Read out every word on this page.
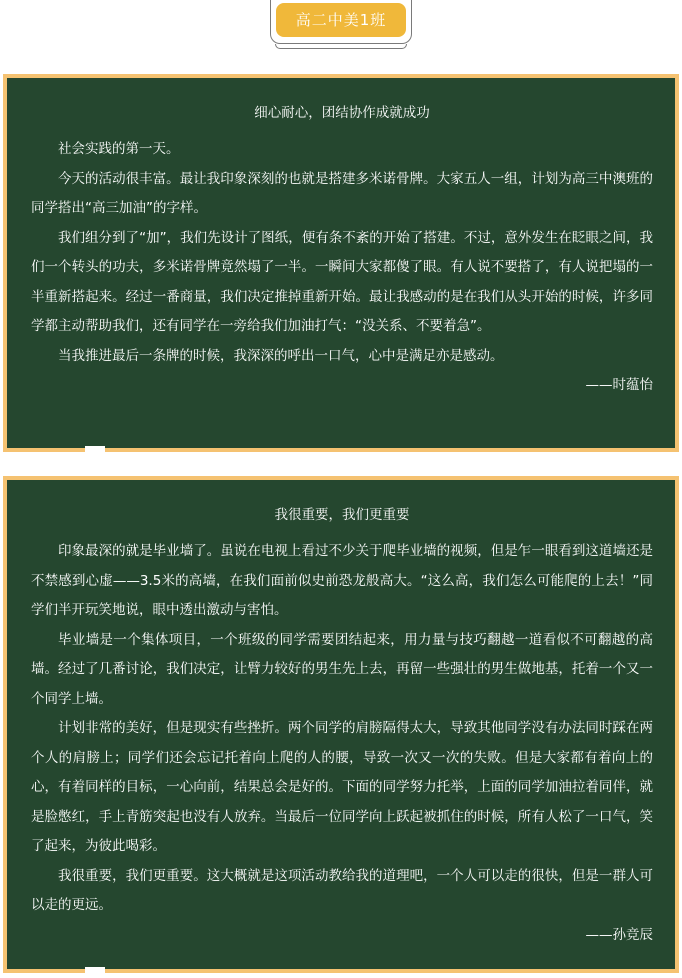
高二中美1班
细心耐心，团结协作成就成功

社会实践的第一天。

今天的活动很丰富。最让我印象深刻的也就是搭建多米诺骨牌。大家五人一组，计划为高三中澳班的同学搭出“高三加油”的字样。

我们组分到了“加”，我们先设计了图纸，便有条不紊的开始了搭建。不过，意外发生在眨眼之间，我们一个转头的功夫，多米诺骨牌竟然塌了一半。一瞬间大家都傻了眼。有人说不要搭了，有人说把塌的一半重新搭起来。经过一番商量，我们决定推掉重新开始。最让我感动的是在我们从头开始的时候，许多同学都主动帮助我们，还有同学在一旁给我们加油打气：“没关系、不要着急”。

当我推进最后一条牌的时候，我深深的呼出一口气，心中是满足亦是感动。

——时蕴怡
我很重要，我们更重要

印象最深的就是毕业墙了。虽说在电视上看过不少关于爬毕业墙的视频，但是乍一眼看到这道墙还是不禁感到心虚——3.5米的高墙，在我们面前似史前恐龙般高大。“这么高，我们怎么可能爬的上去！”同学们半开玩笑地说，眼中透出激动与害怕。

毕业墙是一个集体项目，一个班级的同学需要团结起来，用力量与技巧翻越一道看似不可翻越的高墙。经过了几番讨论，我们决定，让臂力较好的男生先上去，再留一些强壮的男生做地基，托着一个又一个同学上墙。

计划非常的美好，但是现实有些挫折。两个同学的肩膀隔得太大，导致其他同学没有办法同时踩在两个人的肩膀上；同学们还会忘记托着向上爬的人的腰，导致一次又一次的失败。但是大家都有着向上的心，有着同样的目标，一心向前，结果总会是好的。下面的同学努力托举，上面的同学加油拉着同伴，就是脸憋红，手上青筋突起也没有人放弃。当最后一位同学向上跃起被抓住的时候，所有人松了一口气，笑了起来，为彼此喝彩。

我很重要，我们更重要。这大概就是这项活动教给我的道理吧，一个人可以走的很快，但是一群人可以走的更远。

——孙竞辰
